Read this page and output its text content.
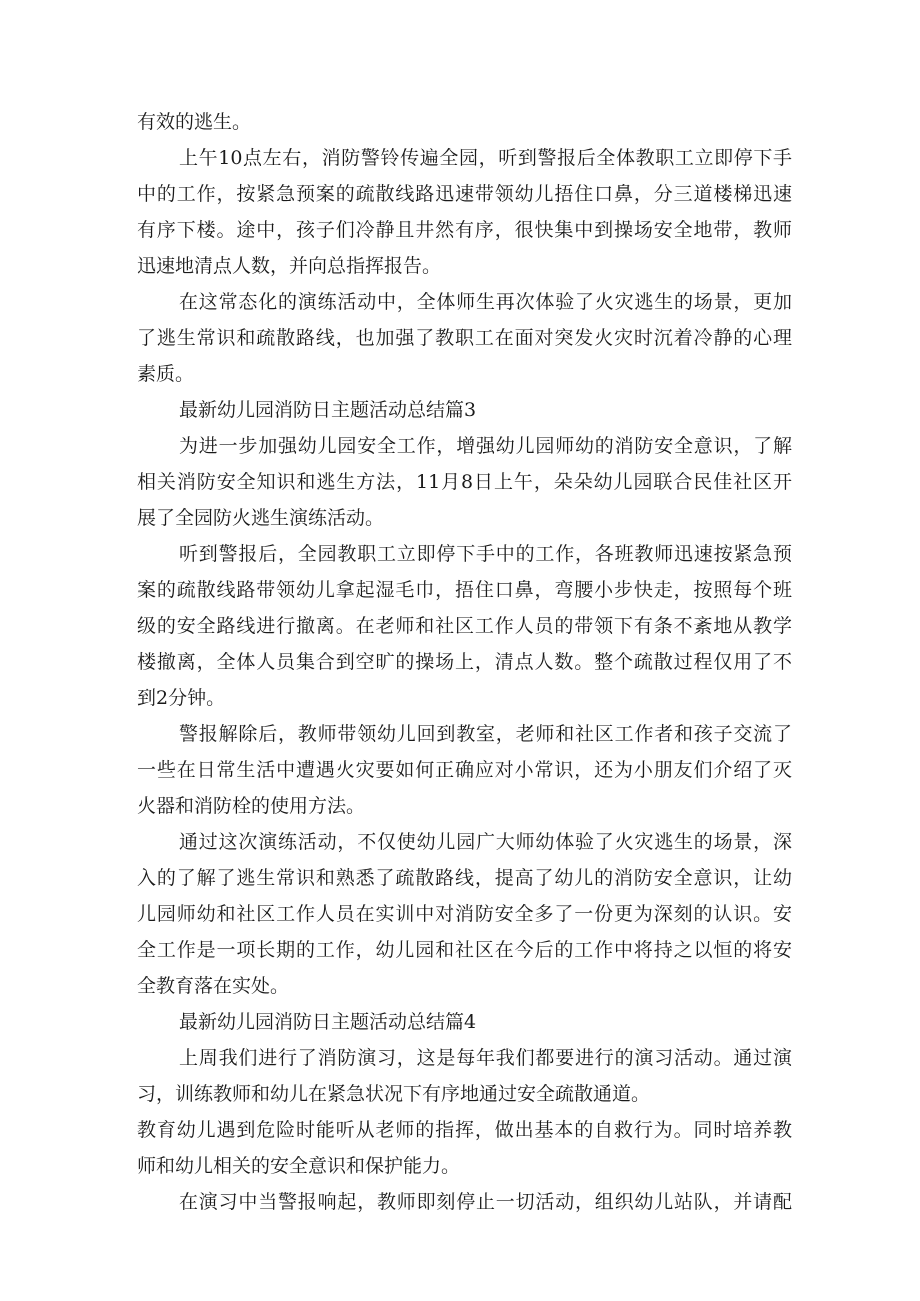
有效的逃生。
上午10点左右，消防警铃传遍全园，听到警报后全体教职工立即停下手
中的工作，按紧急预案的疏散线路迅速带领幼儿捂住口鼻，分三道楼梯迅速
有序下楼。途中，孩子们冷静且井然有序，很快集中到操场安全地带，教师
迅速地清点人数，并向总指挥报告。
在这常态化的演练活动中，全体师生再次体验了火灾逃生的场景，更加
了逃生常识和疏散路线，也加强了教职工在面对突发火灾时沉着冷静的心理
素质。
最新幼儿园消防日主题活动总结篇3
为进一步加强幼儿园安全工作，增强幼儿园师幼的消防安全意识，了解
相关消防安全知识和逃生方法，11月8日上午，朵朵幼儿园联合民佳社区开
展了全园防火逃生演练活动。
听到警报后，全园教职工立即停下手中的工作，各班教师迅速按紧急预
案的疏散线路带领幼儿拿起湿毛巾，捂住口鼻，弯腰小步快走，按照每个班
级的安全路线进行撤离。在老师和社区工作人员的带领下有条不紊地从教学
楼撤离，全体人员集合到空旷的操场上，清点人数。整个疏散过程仅用了不
到2分钟。
警报解除后，教师带领幼儿回到教室，老师和社区工作者和孩子交流了
一些在日常生活中遭遇火灾要如何正确应对小常识，还为小朋友们介绍了灭
火器和消防栓的使用方法。
通过这次演练活动，不仅使幼儿园广大师幼体验了火灾逃生的场景，深
入的了解了逃生常识和熟悉了疏散路线，提高了幼儿的消防安全意识，让幼
儿园师幼和社区工作人员在实训中对消防安全多了一份更为深刻的认识。安
全工作是一项长期的工作，幼儿园和社区在今后的工作中将持之以恒的将安
全教育落在实处。
最新幼儿园消防日主题活动总结篇4
上周我们进行了消防演习，这是每年我们都要进行的演习活动。通过演
习，训练教师和幼儿在紧急状况下有序地通过安全疏散通道。
教育幼儿遇到危险时能听从老师的指挥，做出基本的自救行为。同时培养教
师和幼儿相关的安全意识和保护能力。
在演习中当警报响起，教师即刻停止一切活动，组织幼儿站队，并请配
